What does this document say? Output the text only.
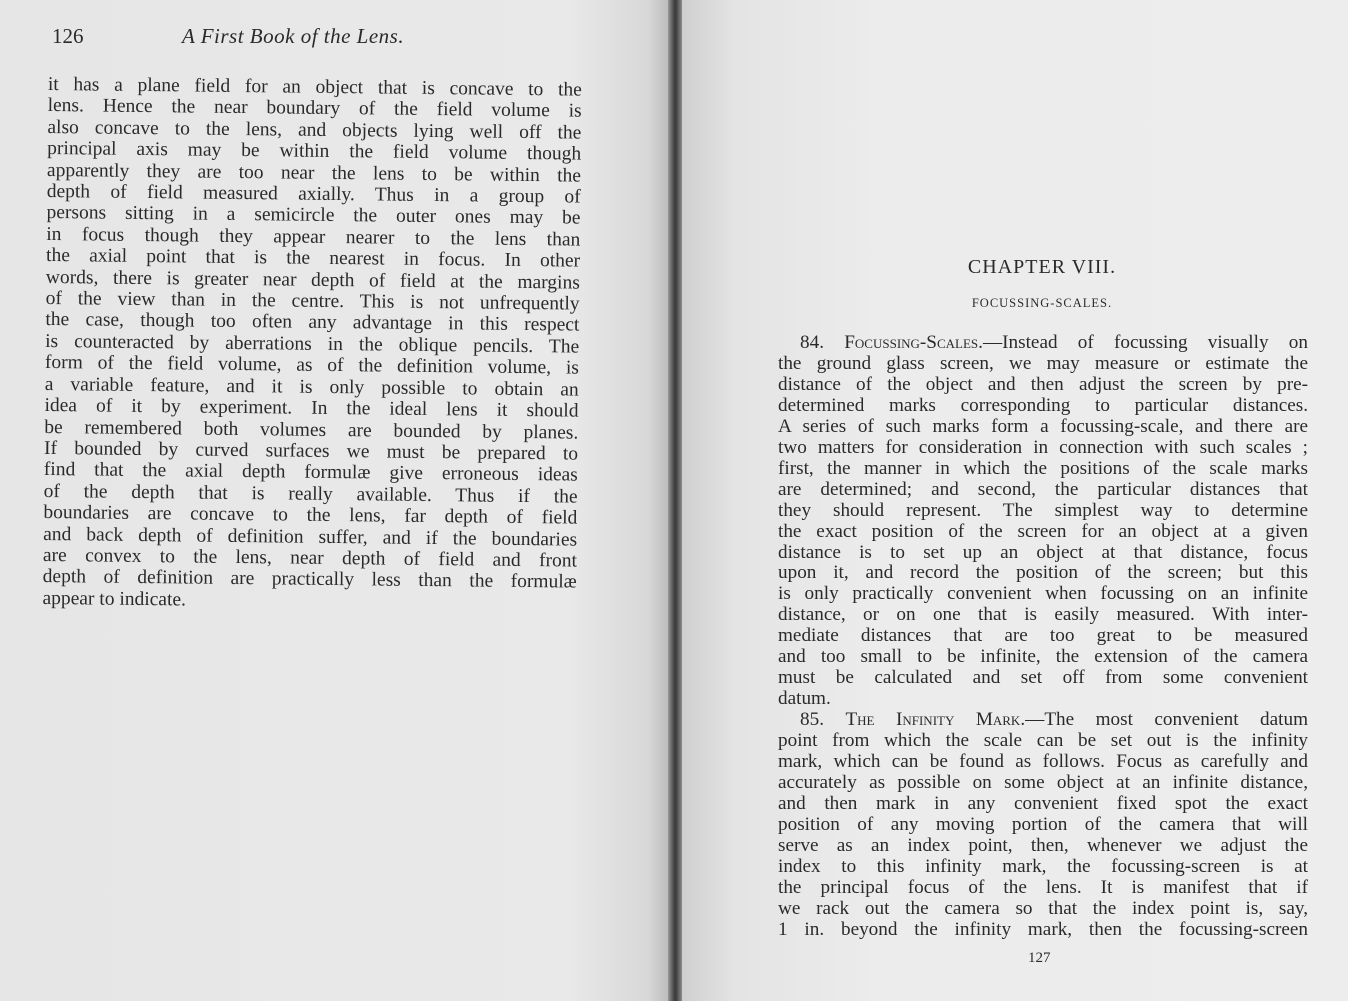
126	A First Book of the Lens.
it has a plane field for an object that is concave to the
lens. Hence the near boundary of the field volume is
also concave to the lens, and objects lying well off the
principal axis may be within the field volume though
apparently they are too near the lens to be within the
depth of field measured axially. Thus in a group of
persons sitting in a semicircle the outer ones may be
in focus though they appear nearer to the lens than
the axial point that is the nearest in focus. In other
words, there is greater near depth of field at the margins
of the view than in the centre. This is not unfrequently
the case, though too often any advantage in this respect
is counteracted by aberrations in the oblique pencils. The
form of the field volume, as of the definition volume, is
a variable feature, and it is only possible to obtain an
idea of it by experiment. In the ideal lens it should
be remembered both volumes are bounded by planes.
If bounded by curved surfaces we must be prepared to
find that the axial depth formulæ give erroneous ideas
of the depth that is really available. Thus if the
boundaries are concave to the lens, far depth of field
and back depth of definition suffer, and if the boundaries
are convex to the lens, near depth of field and front
depth of definition are practically less than the formulæ
appear to indicate.
CHAPTER VIII.
FOCUSSING-SCALES.
84. Focussing-Scales.—Instead of focussing visually on
the ground glass screen, we may measure or estimate the
distance of the object and then adjust the screen by pre-
determined marks corresponding to particular distances.
A series of such marks form a focussing-scale, and there are
two matters for consideration in connection with such scales ;
first, the manner in which the positions of the scale marks
are determined; and second, the particular distances that
they should represent. The simplest way to determine
the exact position of the screen for an object at a given
distance is to set up an object at that distance, focus
upon it, and record the position of the screen; but this
is only practically convenient when focussing on an infinite
distance, or on one that is easily measured. With inter-
mediate distances that are too great to be measured
and too small to be infinite, the extension of the camera
must be calculated and set off from some convenient
datum.
85. The Infinity Mark.—The most convenient datum
point from which the scale can be set out is the infinity
mark, which can be found as follows. Focus as carefully and
accurately as possible on some object at an infinite distance,
and then mark in any convenient fixed spot the exact
position of any moving portion of the camera that will
serve as an index point, then, whenever we adjust the
index to this infinity mark, the focussing-screen is at
the principal focus of the lens. It is manifest that if
we rack out the camera so that the index point is, say,
1 in. beyond the infinity mark, then the focussing-screen
127
